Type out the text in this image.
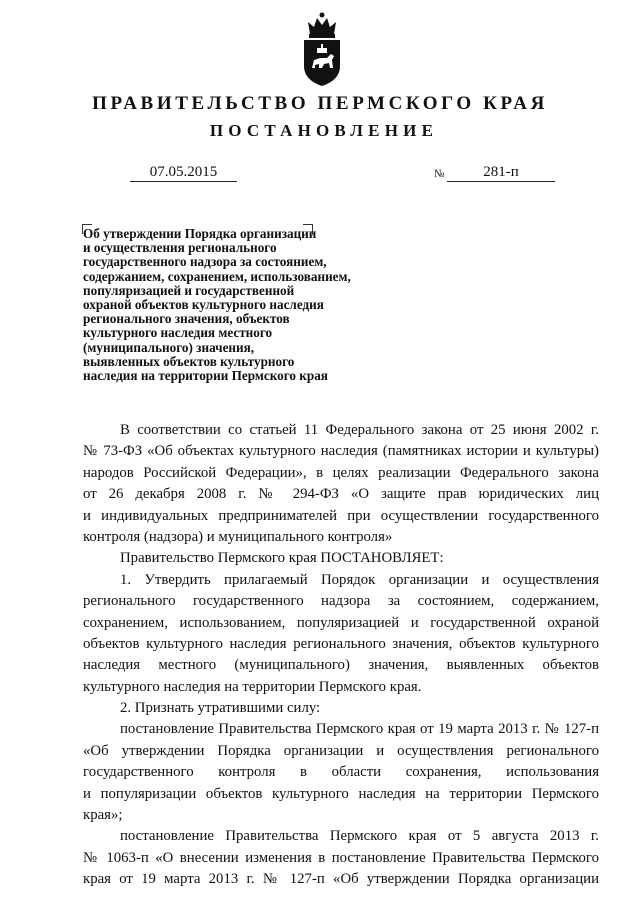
ПРАВИТЕЛЬСТВО ПЕРМСКОГО КРАЯ
ПОСТАНОВЛЕНИЕ
07.05.2015	№	281-п
Об утверждении Порядка организации
и осуществления регионального
государственного надзора за состоянием,
содержанием, сохранением, использованием,
популяризацией и государственной
охраной объектов культурного наследия
регионального значения, объектов
культурного наследия местного
(муниципального) значения,
выявленных объектов культурного
наследия на территории Пермского края
В соответствии со статьей 11 Федерального закона от 25 июня 2002 г.
№ 73-ФЗ «Об объектах культурного наследия (памятниках истории и культуры)
народов Российской Федерации», в целях реализации Федерального закона
от 26 декабря 2008 г. № 294-ФЗ «О защите прав юридических лиц
и индивидуальных предпринимателей при осуществлении государственного
контроля (надзора) и муниципального контроля»
Правительство Пермского края ПОСТАНОВЛЯЕТ:
1. Утвердить прилагаемый Порядок организации и осуществления
регионального государственного надзора за состоянием, содержанием,
сохранением, использованием, популяризацией и государственной охраной
объектов культурного наследия регионального значения, объектов культурного
наследия местного (муниципального) значения, выявленных объектов
культурного наследия на территории Пермского края.
2. Признать утратившими силу:
постановление Правительства Пермского края от 19 марта 2013 г. № 127-п
«Об утверждении Порядка организации и осуществления регионального
государственного контроля в области сохранения, использования
и популяризации объектов культурного наследия на территории Пермского
края»;
постановление Правительства Пермского края от 5 августа 2013 г.
№ 1063-п «О внесении изменения в постановление Правительства Пермского
края от 19 марта 2013 г. № 127-п «Об утверждении Порядка организации
